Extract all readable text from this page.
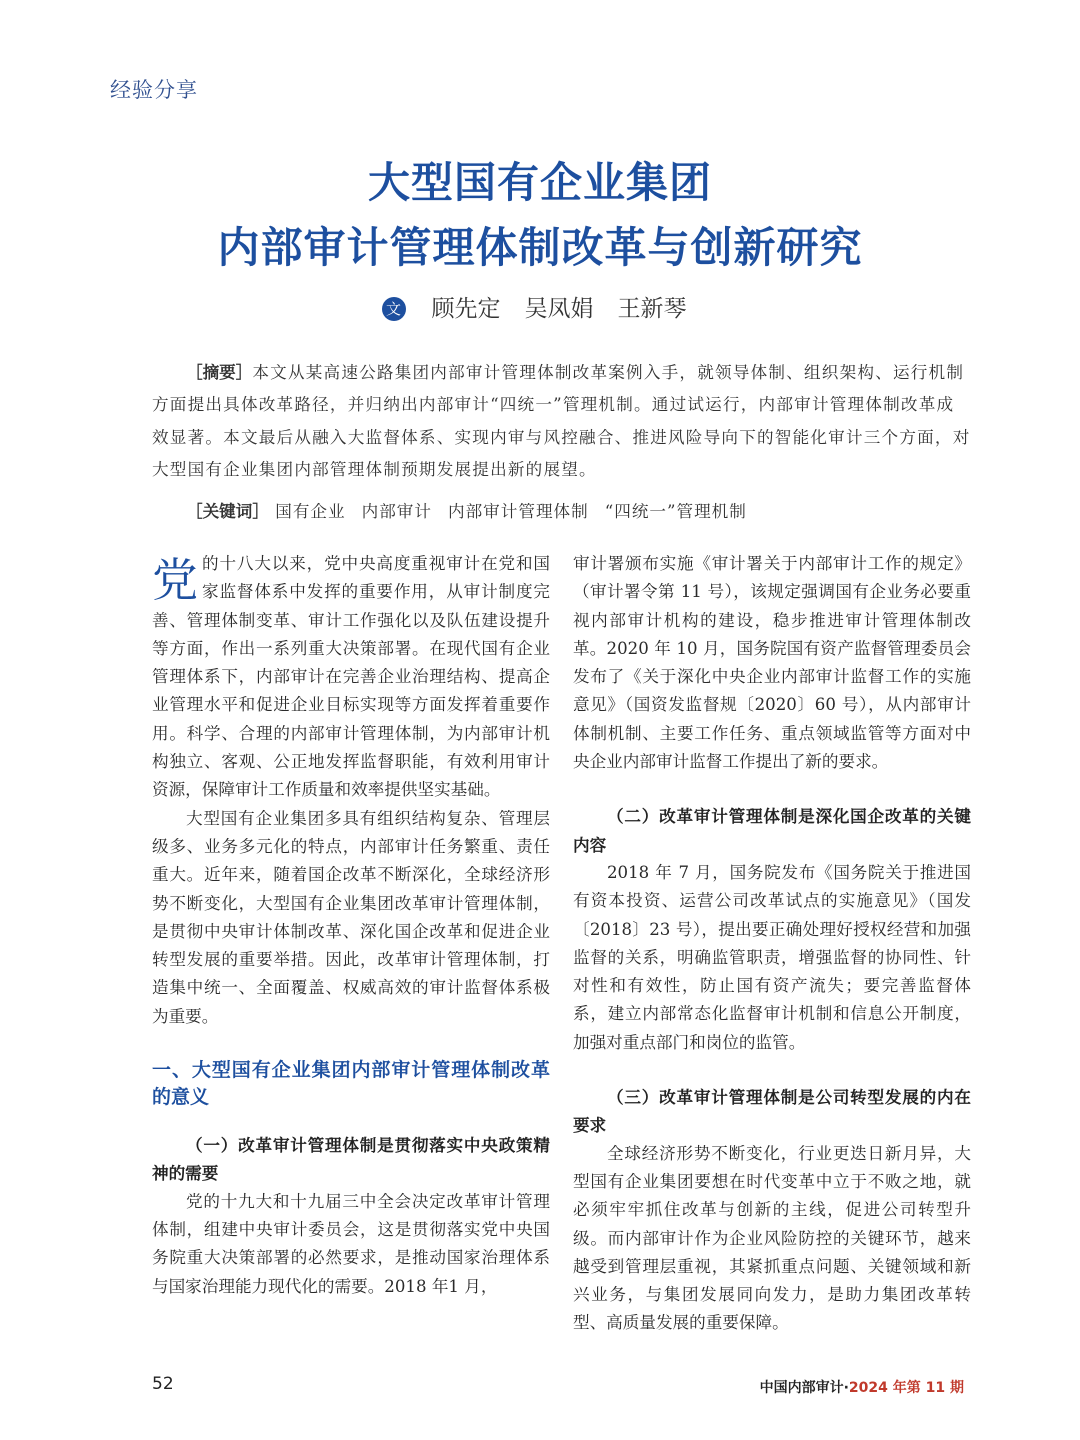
经验分享
大型国有企业集团
内部审计管理体制改革与创新研究
文 顾先定 吴凤娟 王新琴
［摘要］本文从某高速公路集团内部审计管理体制改革案例入手，就领导体制、组织架构、运行机制方面提出具体改革路径，并归纳出内部审计“四统一”管理机制。通过试运行，内部审计管理体制改革成效显著。本文最后从融入大监督体系、实现内审与风控融合、推进风险导向下的智能化审计三个方面，对大型国有企业集团内部管理体制预期发展提出新的展望。
［关键词］ 国有企业 内部审计 内部审计管理体制 “四统一”管理机制

党的十八大以来，党中央高度重视审计在党和国家监督体系中发挥的重要作用，从审计制度完善、管理体制变革、审计工作强化以及队伍建设提升等方面，作出一系列重大决策部署。在现代国有企业管理体系下，内部审计在完善企业治理结构、提高企业管理水平和促进企业目标实现等方面发挥着重要作用。科学、合理的内部审计管理体制，为内部审计机构独立、客观、公正地发挥监督职能，有效利用审计资源，保障审计工作质量和效率提供坚实基础。

大型国有企业集团多具有组织结构复杂、管理层级多、业务多元化的特点，内部审计任务繁重、责任重大。近年来，随着国企改革不断深化，全球经济形势不断变化，大型国有企业集团改革审计管理体制，是贯彻中央审计体制改革、深化国企改革和促进企业转型发展的重要举措。因此，改革审计管理体制，打造集中统一、全面覆盖、权威高效的审计监督体系极为重要。

一、大型国有企业集团内部审计管理体制改革的意义

（一）改革审计管理体制是贯彻落实中央政策精神的需要

党的十九大和十九届三中全会决定改革审计管理体制，组建中央审计委员会，这是贯彻落实党中央国务院重大决策部署的必然要求，是推动国家治理体系与国家治理能力现代化的需要。2018 年1 月，

审计署颁布实施《审计署关于内部审计工作的规定》（审计署令第 11 号），该规定强调国有企业务必要重视内部审计机构的建设，稳步推进审计管理体制改革。2020 年 10 月，国务院国有资产监督管理委员会发布了《关于深化中央企业内部审计监督工作的实施意见》（国资发监督规〔2020〕60 号），从内部审计体制机制、主要工作任务、重点领域监管等方面对中央企业内部审计监督工作提出了新的要求。

（二）改革审计管理体制是深化国企改革的关键内容

2018 年 7 月，国务院发布《国务院关于推进国有资本投资、运营公司改革试点的实施意见》（国发〔2018〕23 号），提出要正确处理好授权经营和加强监督的关系，明确监管职责，增强监督的协同性、针对性和有效性，防止国有资产流失；要完善监督体系，建立内部常态化监督审计机制和信息公开制度，加强对重点部门和岗位的监管。

（三）改革审计管理体制是公司转型发展的内在要求

全球经济形势不断变化，行业更迭日新月异，大型国有企业集团要想在时代变革中立于不败之地，就必须牢牢抓住改革与创新的主线，促进公司转型升级。而内部审计作为企业风险防控的关键环节，越来越受到管理层重视，其紧抓重点问题、关键领域和新兴业务，与集团发展同向发力，是助力集团改革转型、高质量发展的重要保障。

52	中国内部审计·2024 年第 11 期
